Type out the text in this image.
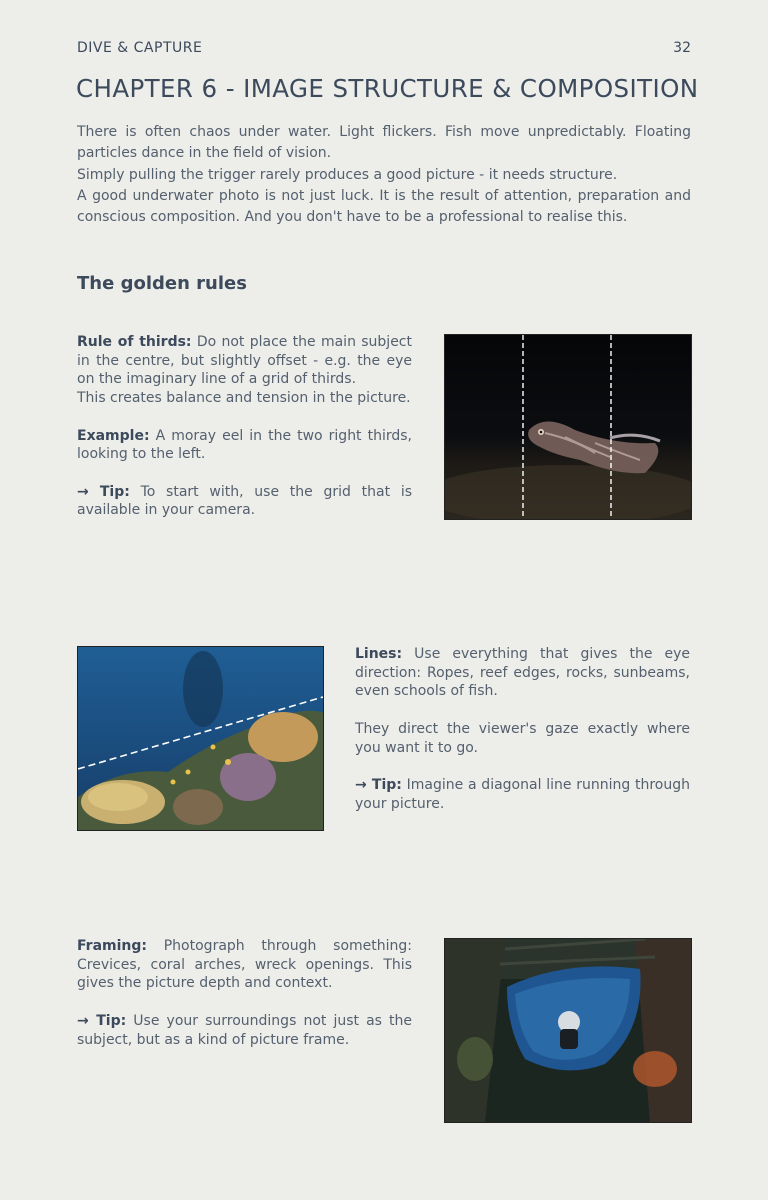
DIVE & CAPTURE	32
CHAPTER 6 - IMAGE STRUCTURE & COMPOSITION

There is often chaos under water. Light flickers. Fish move unpredictably. Floating particles dance in the field of vision.

Simply pulling the trigger rarely produces a good picture - it needs structure.

A good underwater photo is not just luck. It is the result of attention, preparation and conscious composition. And you don't have to be a professional to realise this.

The golden rules

Rule of thirds: Do not place the main subject in the centre, but slightly offset - e.g. the eye on the imaginary line of a grid of thirds.

This creates balance and tension in the picture.

Example: A moray eel in the two right thirds, looking to the left.

→ Tip: To start with, use the grid that is available in your camera.

Lines: Use everything that gives the eye direction: Ropes, reef edges, rocks, sunbeams, even schools of fish.

They direct the viewer's gaze exactly where you want it to go.

→ Tip: Imagine a diagonal line running through your picture.

Framing: Photograph through something: Crevices, coral arches, wreck openings. This gives the picture depth and context.

→ Tip: Use your surroundings not just as the subject, but as a kind of picture frame.
